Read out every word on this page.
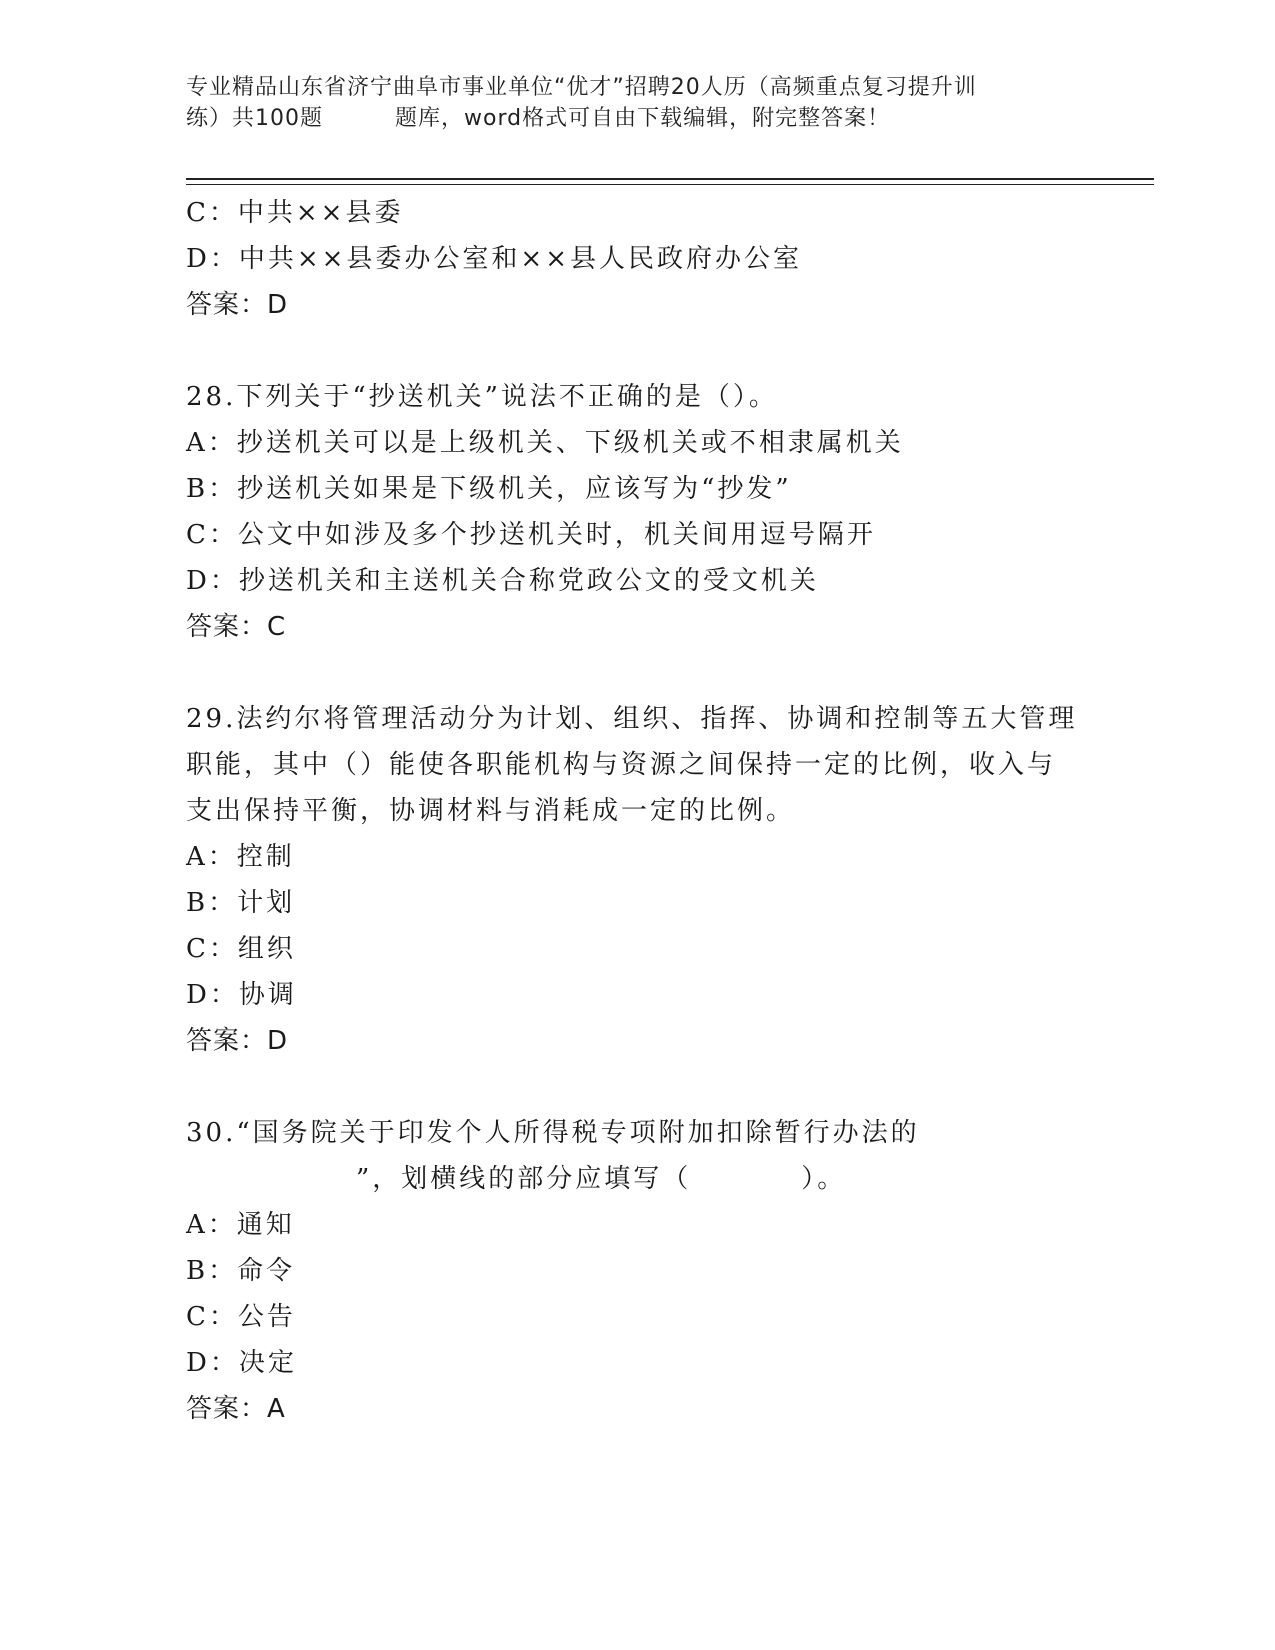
专业精品山东省济宁曲阜市事业单位“优才”招聘20人历（高频重点复习提升训
练）共100题	题库，word格式可自由下载编辑，附完整答案！
C：中共××县委
D：中共××县委办公室和××县人民政府办公室
答案：D
28.下列关于“抄送机关”说法不正确的是（）。
A：抄送机关可以是上级机关、下级机关或不相隶属机关
B：抄送机关如果是下级机关，应该写为“抄发”
C：公文中如涉及多个抄送机关时，机关间用逗号隔开
D：抄送机关和主送机关合称党政公文的受文机关
答案：C
29.法约尔将管理活动分为计划、组织、指挥、协调和控制等五大管理
职能，其中（）能使各职能机构与资源之间保持一定的比例，收入与
支出保持平衡，协调材料与消耗成一定的比例。
A：控制
B：计划
C：组织
D：协调
答案：D
30.“国务院关于印发个人所得税专项附加扣除暂行办法的
”，划横线的部分应填写（	）。
A：通知
B：命令
C：公告
D：决定
答案：A
